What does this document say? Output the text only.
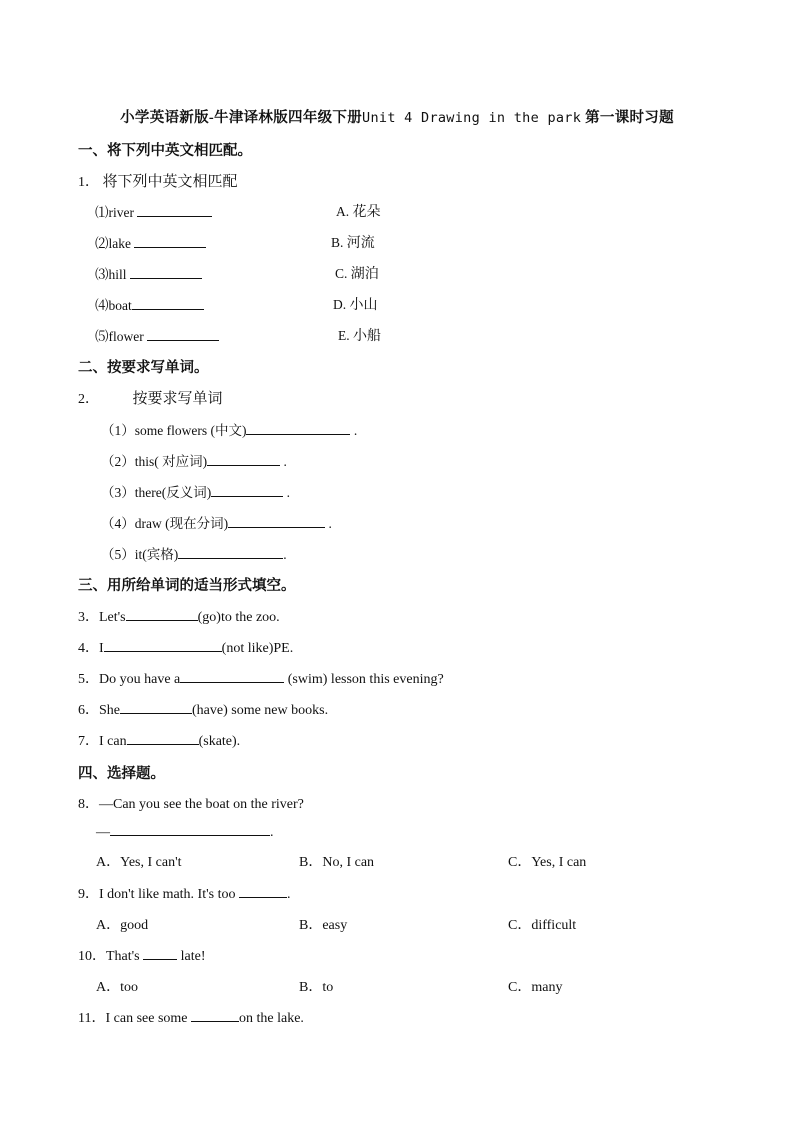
小学英语新版-牛津译林版四年级下册Unit 4 Drawing in the park 第一课时习题
一、将下列中英文相匹配。
1． 将下列中英文相匹配
⑴river	A. 花朵
⑵lake	B. 河流
⑶hill	C. 湖泊
⑷boat	D. 小山
⑸flower	E. 小船
二、按要求写单词。
2． 按要求写单词
（1）some flowers (中文)	.
（2）this( 对应词)	.
（3）there(反义词)	.
（4）draw (现在分词)	.
（5）it(宾格)	.
三、用所给单词的适当形式填空。
3．Let's	(go)to the zoo.
4．I	(not like)PE.
5．Do you have a	(swim) lesson this evening?
6．She	(have) some new books.
7．I can	(skate).
四、选择题。
8．—Can you see the boat on the river?
—	.
A．Yes, I can't	B．No, I can	C．Yes, I can
9．I don't like math. It's too	.
A．good	B．easy	C．difficult
10．That's	late!
A．too	B．to	C．many
11．I can see some	on the lake.
